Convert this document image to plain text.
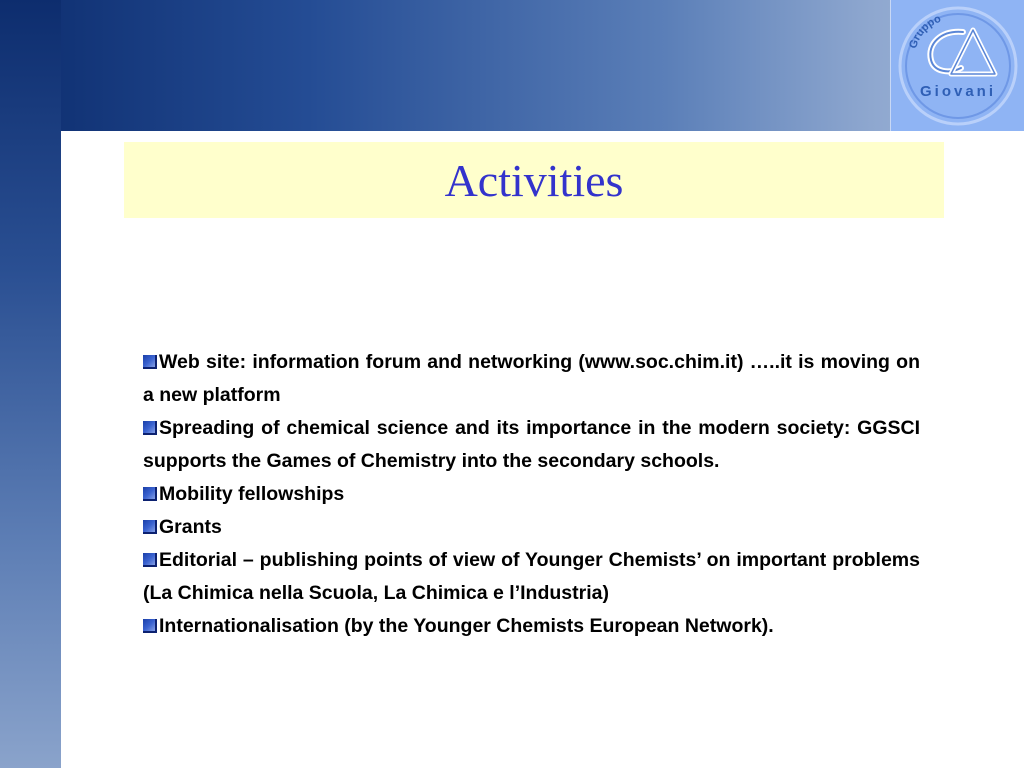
Gruppo
Giovani
Activities
Web site: information forum and networking (www.soc.chim.it) …..it is moving on a new platform
Spreading of chemical science and its importance in the modern society: GGSCI supports the Games of Chemistry into the secondary schools.
Mobility fellowships
Grants
Editorial – publishing points of view of Younger Chemists’ on important problems (La Chimica nella Scuola, La Chimica e l’Industria)
Internationalisation (by the Younger Chemists European Network).
